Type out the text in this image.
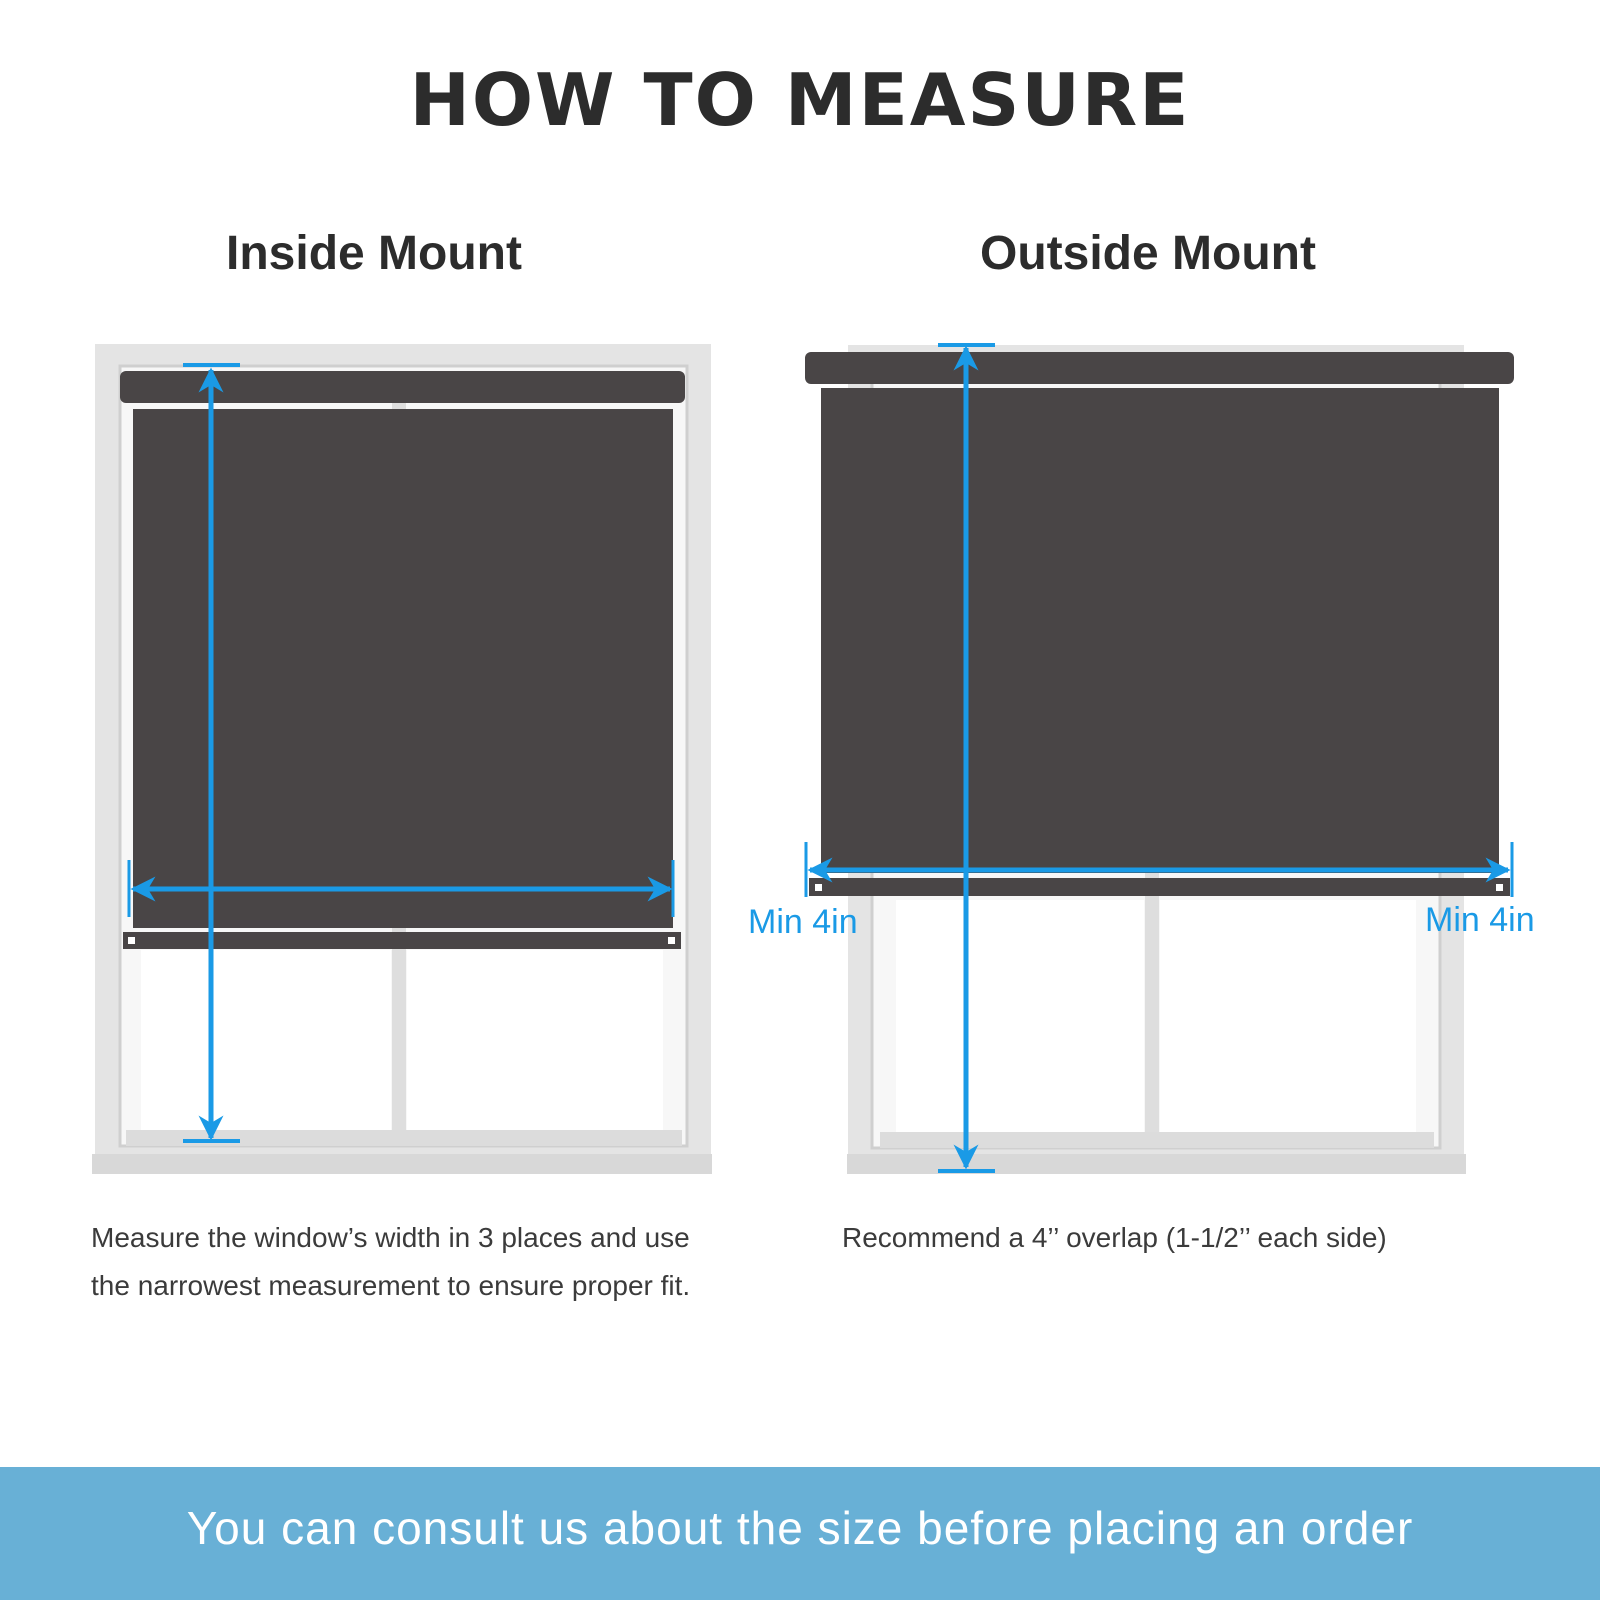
HOW TO MEASURE
Inside Mount	Outside Mount
Min 4in	Min 4in

Measure the window’s width in 3 places and use the narrowest measurement to ensure proper fit.

Recommend a 4’’ overlap (1-1/2’’ each side)

You can consult us about the size before placing an order
